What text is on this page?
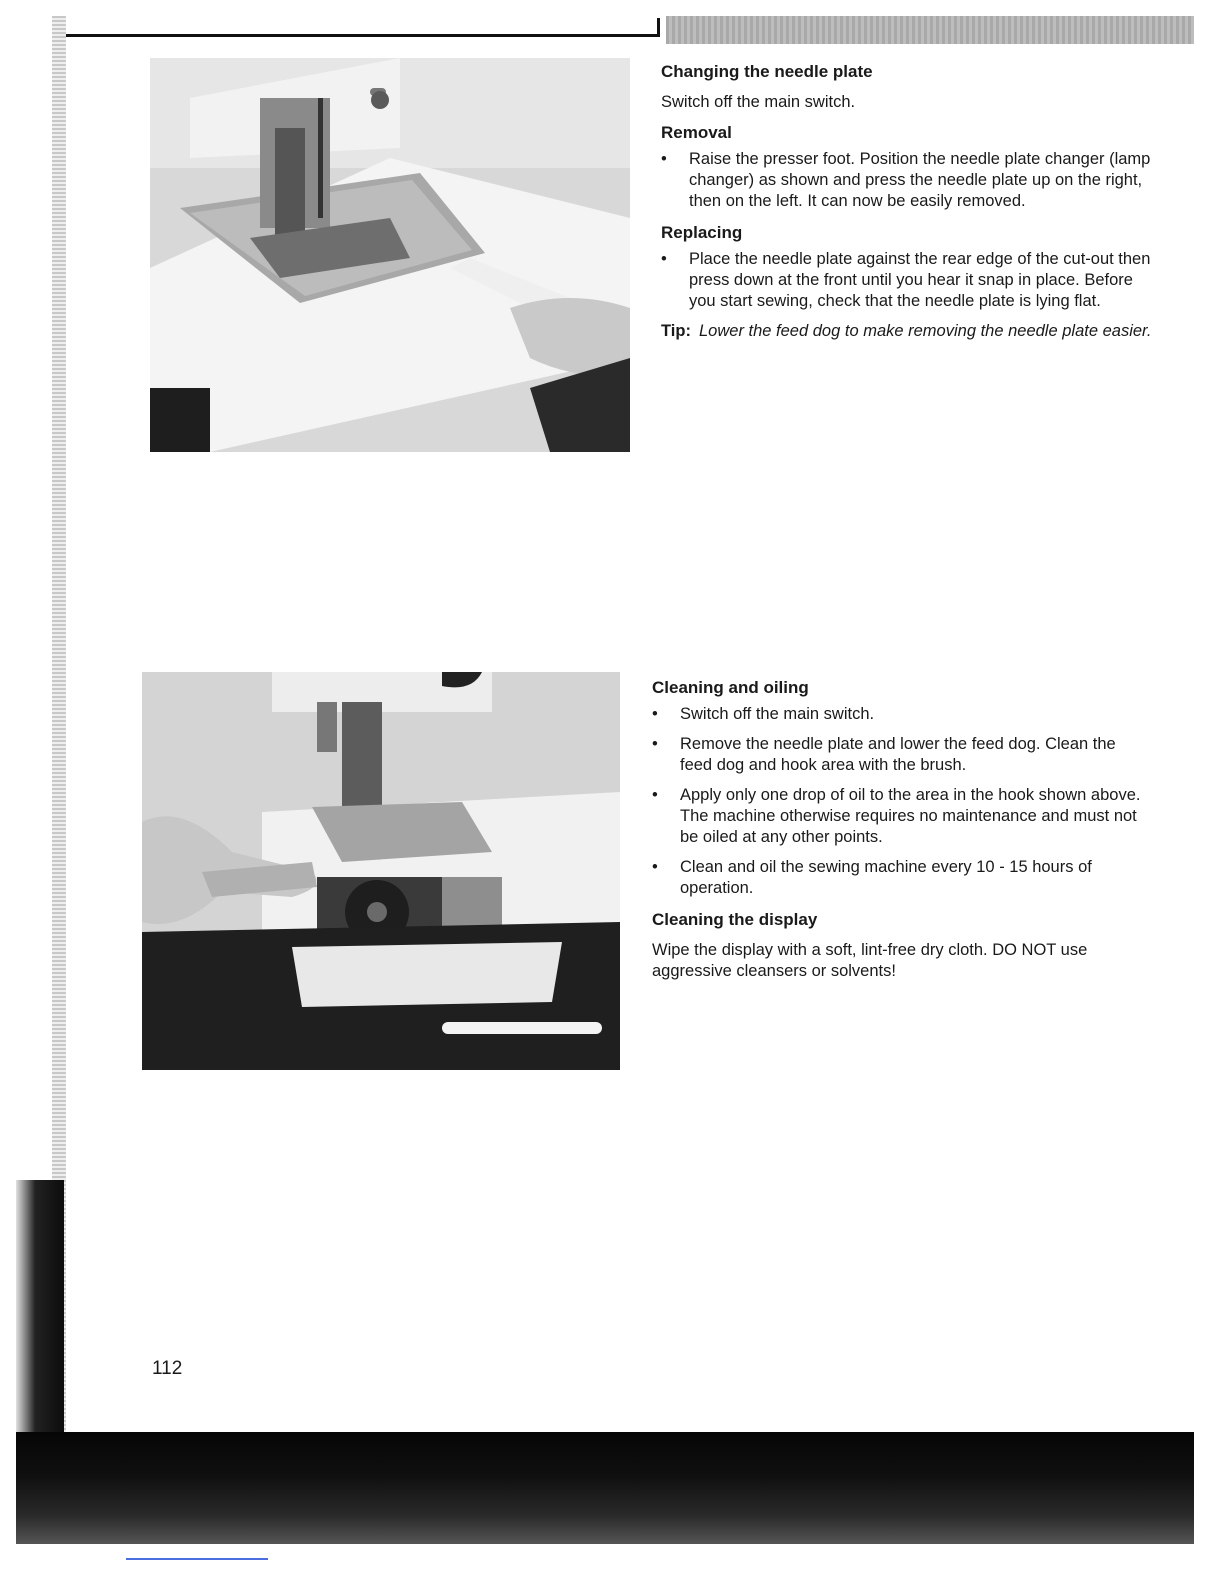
Changing the needle plate

Switch off the main switch.

Removal
• Raise the presser foot. Position the needle plate changer (lamp changer) as shown and press the needle plate up on the right, then on the left. It can now be easily removed.
Replacing
• Place the needle plate against the rear edge of the cut-out then press down at the front until you hear it snap in place. Before you start sewing, check that the needle plate is lying flat.
Tip: Lower the feed dog to make removing the needle plate easier.
Cleaning and oiling
• Switch off the main switch.
• Remove the needle plate and lower the feed dog. Clean the feed dog and hook area with the brush.
• Apply only one drop of oil to the area in the hook shown above. The machine otherwise requires no maintenance and must not be oiled at any other points.
• Clean and oil the sewing machine every 10 - 15 hours of operation.
Cleaning the display

Wipe the display with a soft, lint-free dry cloth. DO NOT use aggressive cleansers or solvents!

112
